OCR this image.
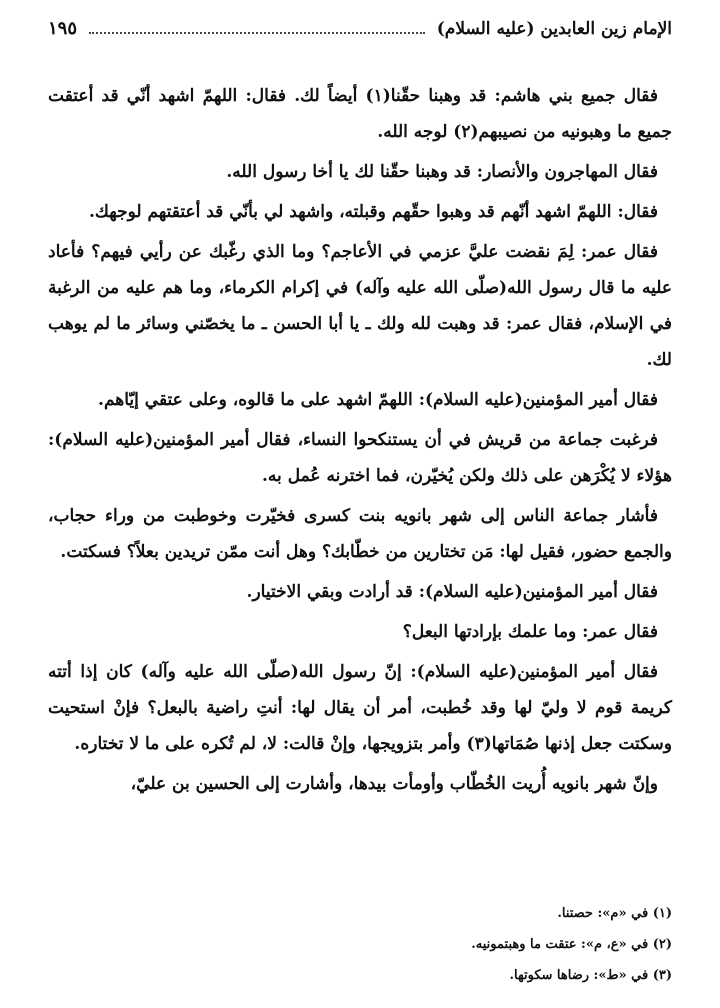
الإمام زين العابدين (عليه السلام)
١٩٥

فقال جميع بني هاشم: قد وهبنا حقّنا(١) أيضاً لك. فقال: اللهمّ اشهد أنّي قد أعتقت جميع ما وهبونيه من نصيبهم(٢) لوجه الله.

فقال المهاجرون والأنصار: قد وهبنا حقّنا لك يا أخا رسول الله.

فقال: اللهمّ اشهد أنّهم قد وهبوا حقّهم وقبلته، واشهد لي بأنّي قد أعتقتهم لوجهك.

فقال عمر: لِمَ نقضت عليَّ عزمي في الأعاجم؟ وما الذي رغّبك عن رأيي فيهم؟ فأعاد عليه ما قال رسول الله(صلّى الله عليه وآله) في إكرام الكرماء، وما هم عليه من الرغبة في الإسلام، فقال عمر: قد وهبت لله ولك ـ يا أبا الحسن ـ ما يخصّني وسائر ما لم يوهب لك.

فقال أمير المؤمنين(عليه السلام): اللهمّ اشهد على ما قالوه، وعلى عتقي إيّاهم.

فرغبت جماعة من قريش في أن يستنكحوا النساء، فقال أمير المؤمنين(عليه السلام): هؤلاء لا يُكْرَهن على ذلك ولكن يُخيّرن، فما اخترنه عُمل به.

فأشار جماعة الناس إلى شهر بانويه بنت كسرى فخيّرت وخوطبت من وراء حجاب، والجمع حضور، فقيل لها: مَن تختارين من خطّابك؟ وهل أنت ممّن تريدين بعلاً؟ فسكتت.

فقال أمير المؤمنين(عليه السلام): قد أرادت وبقي الاختيار.

فقال عمر: وما علمك بإرادتها البعل؟

فقال أمير المؤمنين(عليه السلام): إنّ رسول الله(صلّى الله عليه وآله) كان إذا أتته كريمة قوم لا وليّ لها وقد خُطبت، أمر أن يقال لها: أنتِ راضية بالبعل؟ فإنْ استحيت وسكتت جعل إذنها صُمَاتها(٣) وأمر بتزويجها، وإنْ قالت: لا، لم تُكره على ما لا تختاره.

وإنّ شهر بانويه أُريت الخُطّاب وأومأت بيدها، وأشارت إلى الحسين بن عليّ،

(١) في «م»: حصتنا.

(٢) في «ع، م»: عتقت ما وهبتمونيه.

(٣) في «ط»: رضاها سكوتها.
